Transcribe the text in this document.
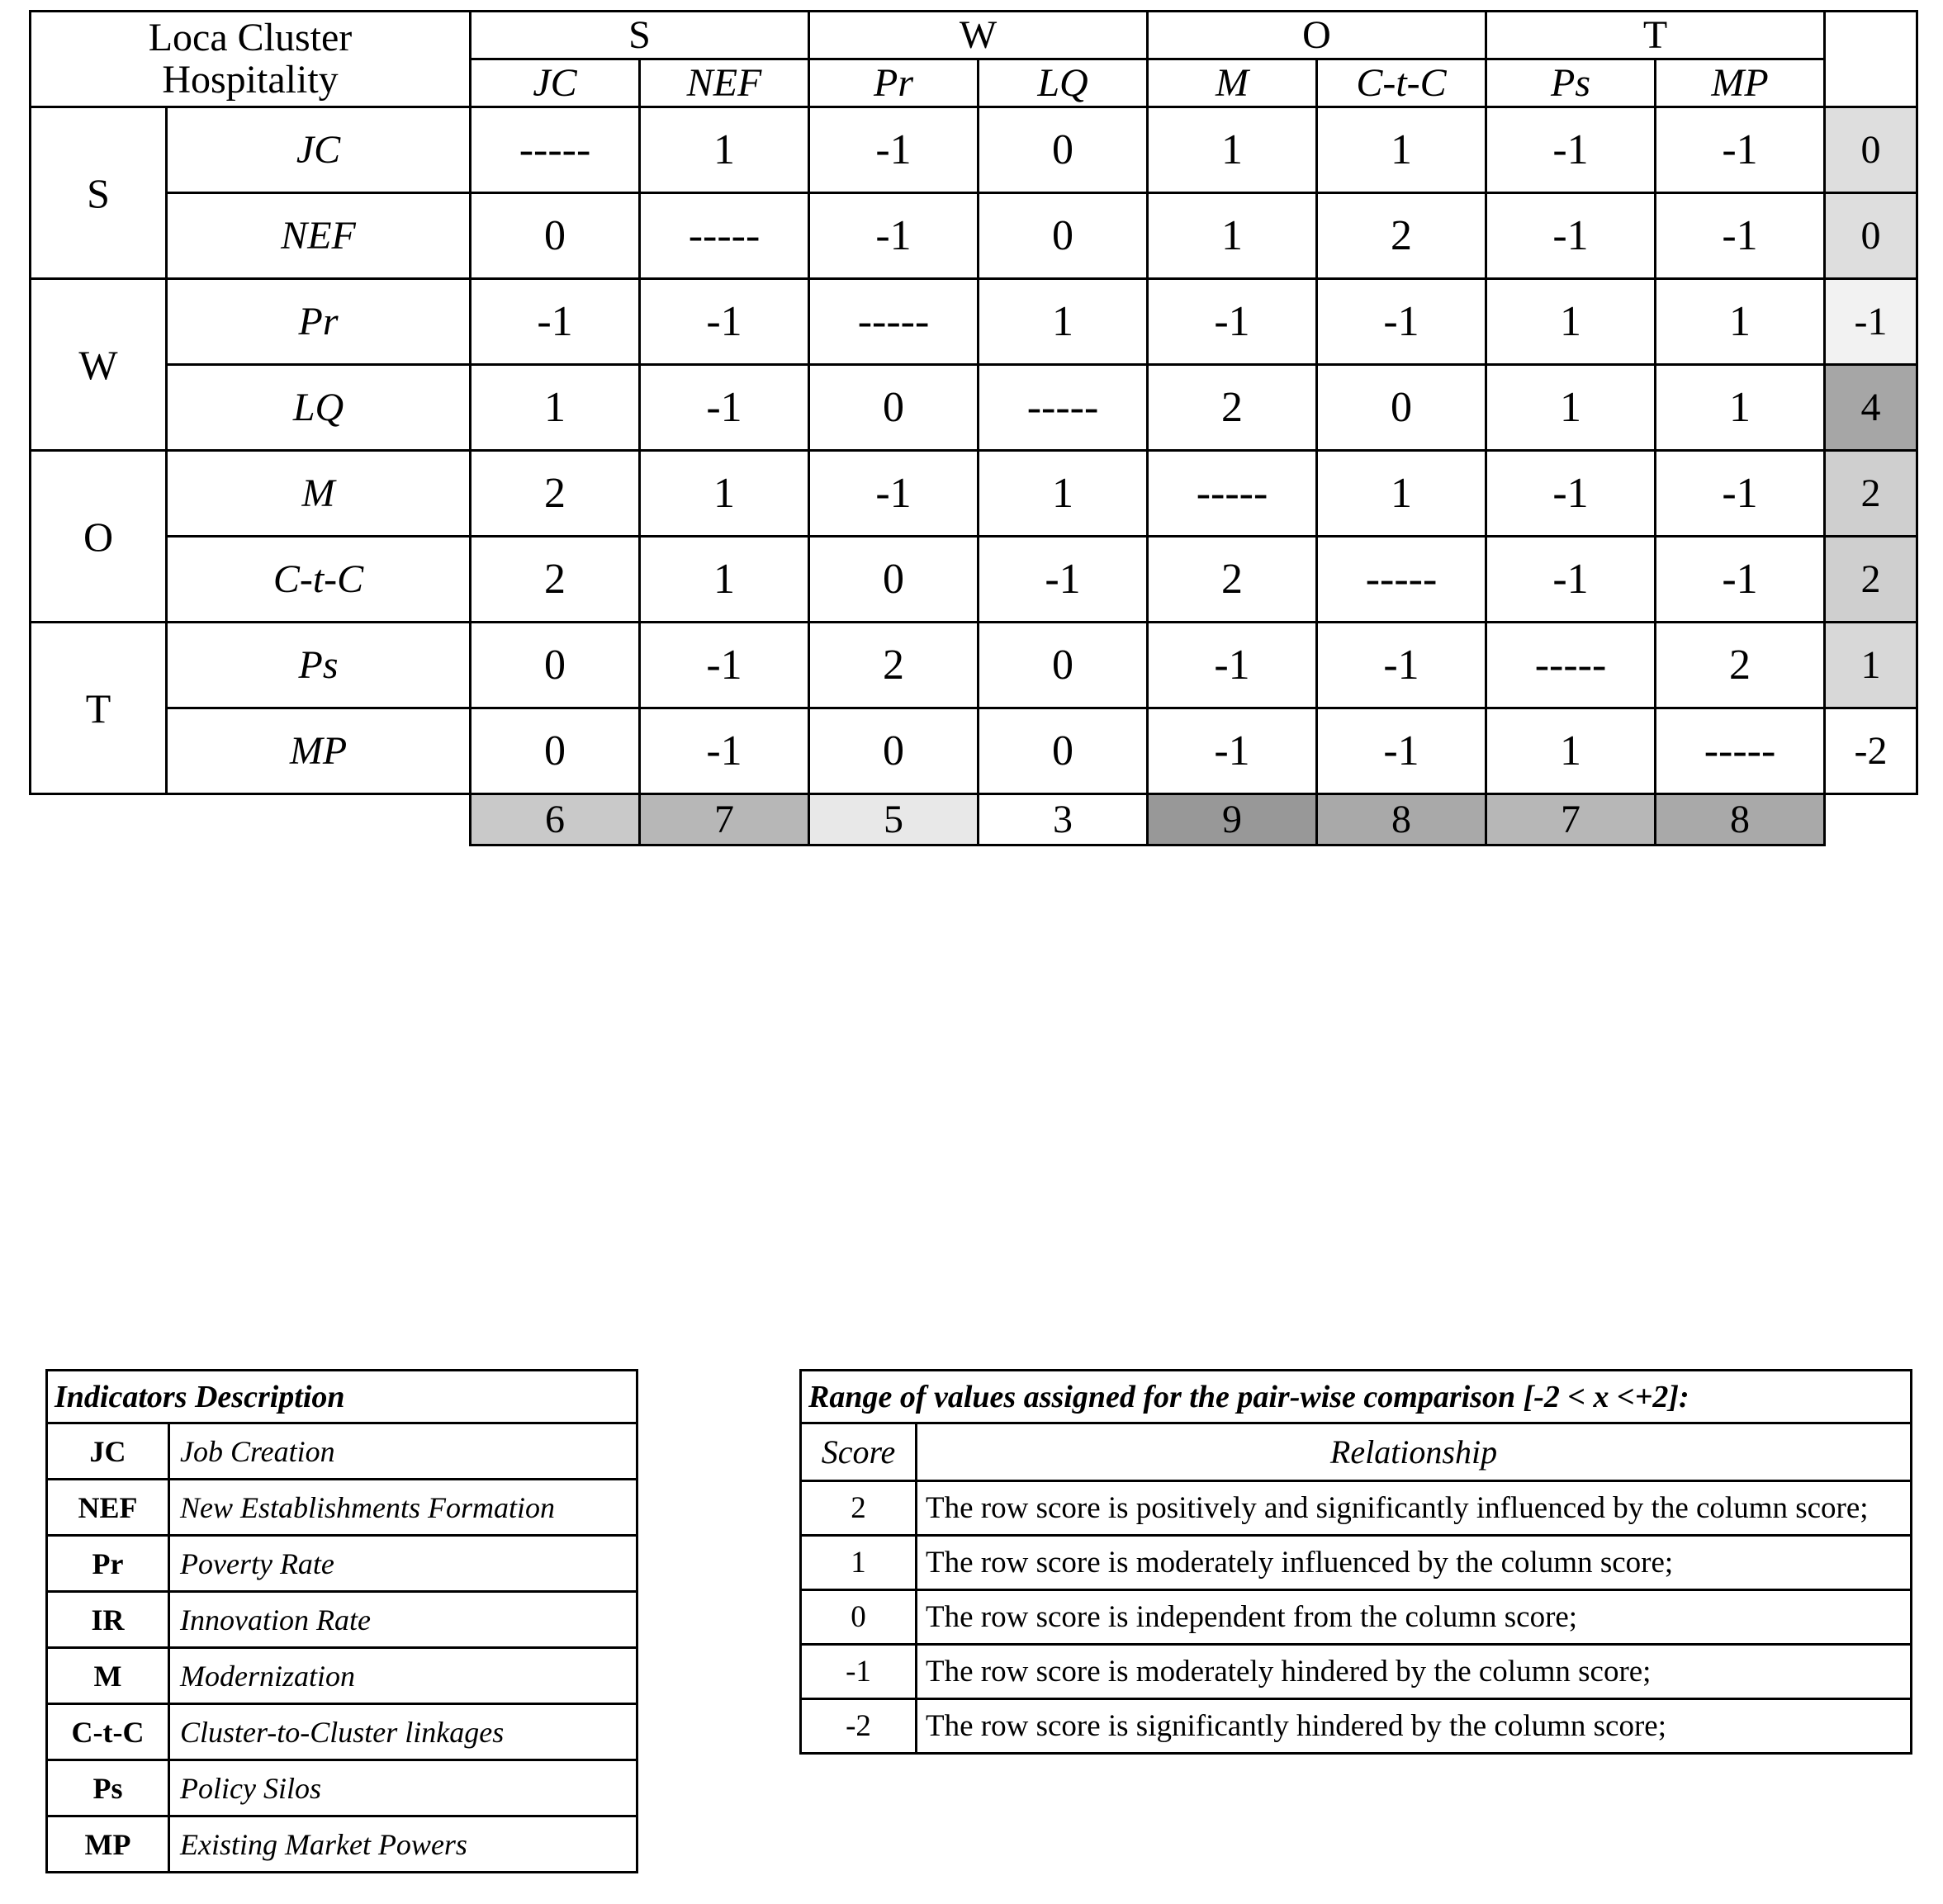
Loca Cluster
Hospitality		S		W		O		T		
		JC	NEF	Pr	LQ	M	C-t-C	Ps	MP	
S	JC	-----	1	-1	0	1	1	-1	-1	0
	NEF	0	-----	-1	0	1	2	-1	-1	0
W	Pr	-1	-1	-----	1	-1	-1	1	1	-1
	LQ	1	-1	0	-----	2	0	1	1	4
O	M	2	1	-1	1	-----	1	-1	-1	2
	C-t-C	2	1	0	-1	2	-----	-1	-1	2
T	Ps	0	-1	2	0	-1	-1	-----	2	1
	MP	0	-1	0	0	-1	-1	1	-----	-2
		6	7	5	3	9	8	7	8	
Indicators Description	
JC	Job Creation
NEF	New Establishments Formation
Pr	Poverty Rate
IR	Innovation Rate
M	Modernization
C-t-C	Cluster-to-Cluster linkages
Ps	Policy Silos
MP	Existing Market Powers
Range of values assigned for the pair-wise comparison [-2 < x <+2]:	
Score	Relationship
2	The row score is positively and significantly influenced by the column score;
1	The row score is moderately influenced by the column score;
0	The row score is independent from the column score;
-1	The row score is moderately hindered by the column score;
-2	The row score is significantly hindered by the column score;
